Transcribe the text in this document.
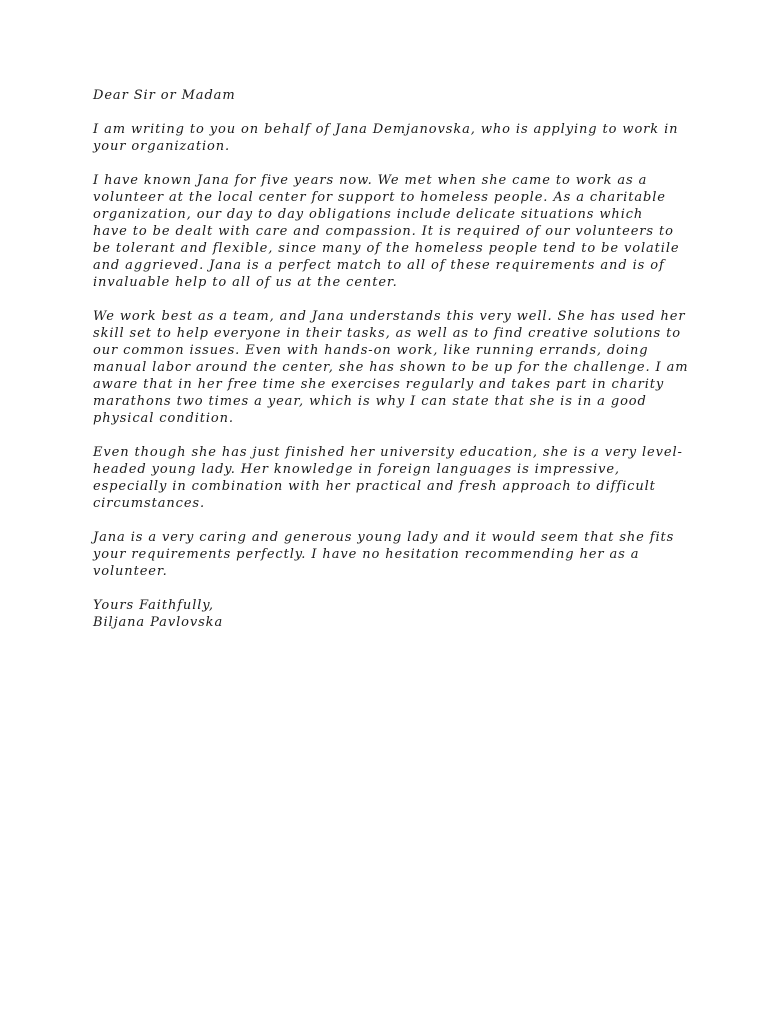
Dear Sir or Madam
I am writing to you on behalf of Jana Demjanovska, who is applying to work in
your organization.
I have known Jana for five years now. We met when she came to work as a
volunteer at the local center for support to homeless people. As a charitable
organization, our day to day obligations include delicate situations which
have to be dealt with care and compassion. It is required of our volunteers to
be tolerant and flexible, since many of the homeless people tend to be volatile
and aggrieved. Jana is a perfect match to all of these requirements and is of
invaluable help to all of us at the center.
We work best as a team, and Jana understands this very well. She has used her
skill set to help everyone in their tasks, as well as to find creative solutions to
our common issues. Even with hands-on work, like running errands, doing
manual labor around the center, she has shown to be up for the challenge. I am
aware that in her free time she exercises regularly and takes part in charity
marathons two times a year, which is why I can state that she is in a good
physical condition.
Even though she has just finished her university education, she is a very level-
headed young lady. Her knowledge in foreign languages is impressive,
especially in combination with her practical and fresh approach to difficult
circumstances.
Jana is a very caring and generous young lady and it would seem that she fits
your requirements perfectly. I have no hesitation recommending her as a
volunteer.
Yours Faithfully,
Biljana Pavlovska
